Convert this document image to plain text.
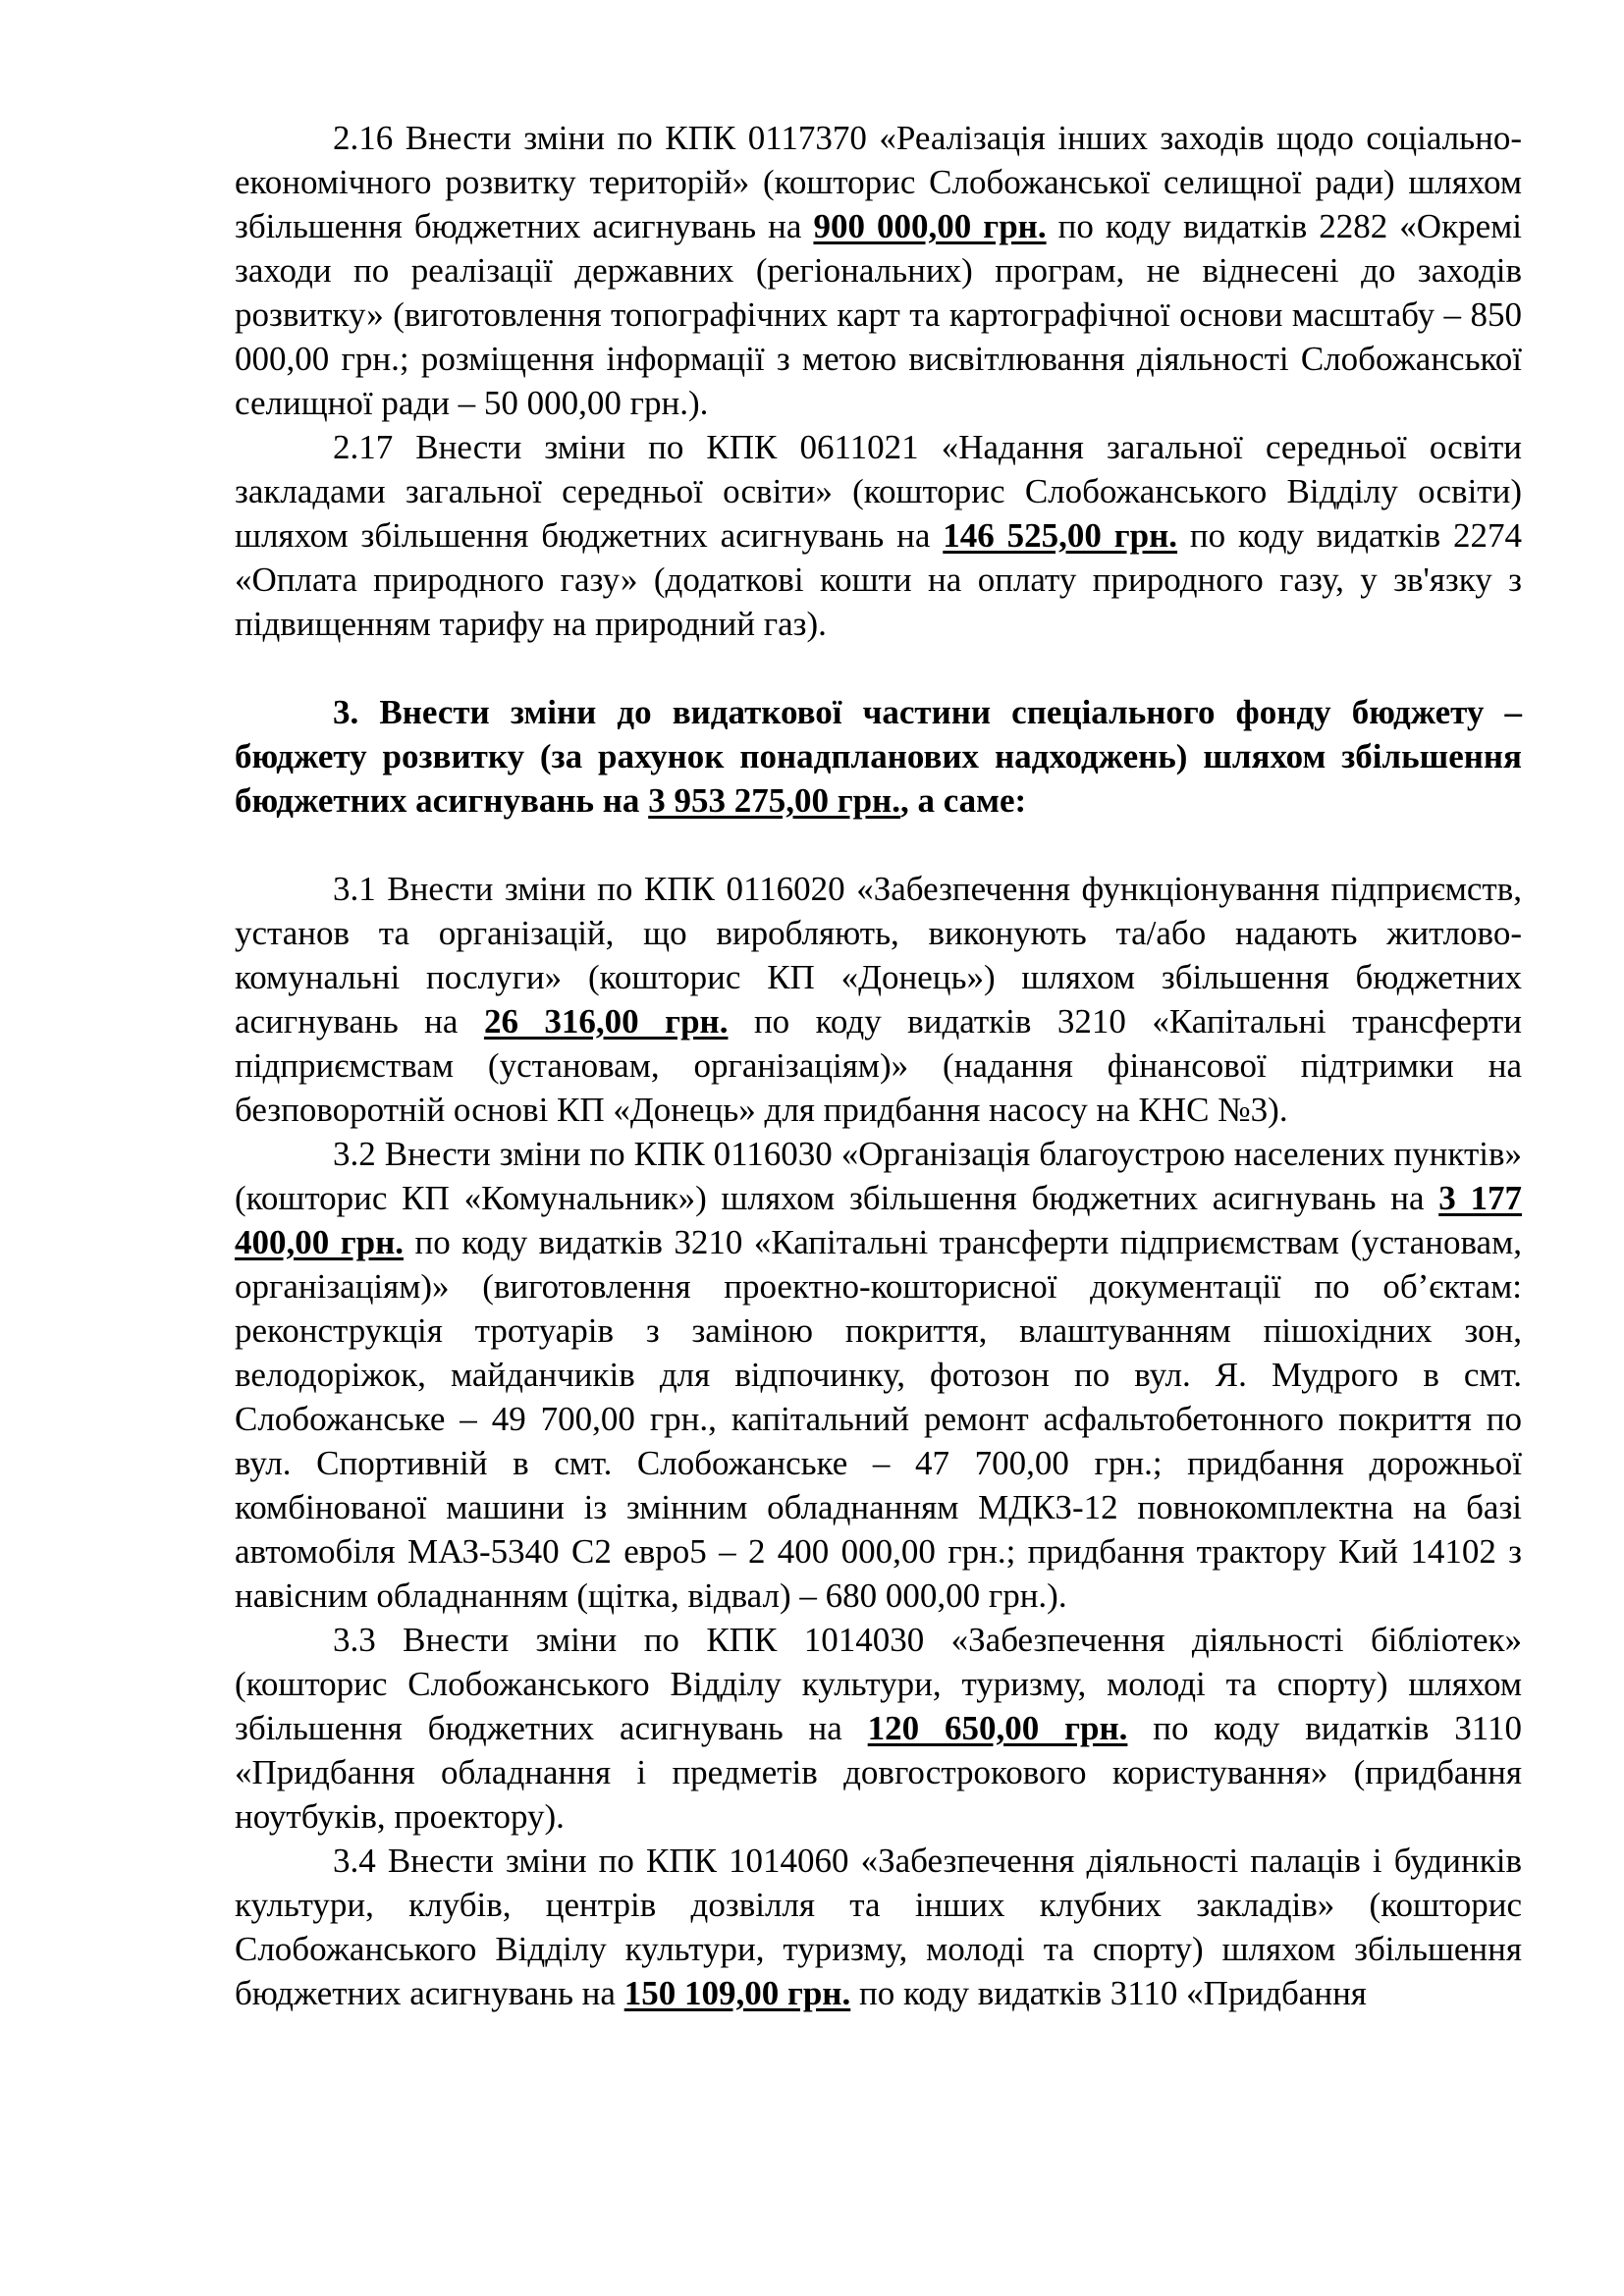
2.16 Внести зміни по КПК 0117370 «Реалізація інших заходів щодо соціально-економічного розвитку територій» (кошторис Слобожанської селищної ради) шляхом збільшення бюджетних асигнувань на 900 000,00 грн. по коду видатків 2282 «Окремі заходи по реалізації державних (регіональних) програм, не віднесені до заходів розвитку» (виготовлення топографічних карт та картографічної основи масштабу – 850 000,00 грн.; розміщення інформації з метою висвітлювання діяльності Слобожанської селищної ради – 50 000,00 грн.).

2.17 Внести зміни по КПК 0611021 «Надання загальної середньої освіти закладами загальної середньої освіти» (кошторис Слобожанського Відділу освіти) шляхом збільшення бюджетних асигнувань на 146 525,00 грн. по коду видатків 2274 «Оплата природного газу» (додаткові кошти на оплату природного газу, у зв'язку з підвищенням тарифу на природний газ).

3. Внести зміни до видаткової частини спеціального фонду бюджету – бюджету розвитку (за рахунок понадпланових надходжень) шляхом збільшення бюджетних асигнувань на 3 953 275,00 грн., а саме:

3.1 Внести зміни по КПК 0116020 «Забезпечення функціонування підприємств, установ та організацій, що виробляють, виконують та/або надають житлово-комунальні послуги» (кошторис КП «Донець») шляхом збільшення бюджетних асигнувань на 26 316,00 грн. по коду видатків 3210 «Капітальні трансферти підприємствам (установам, організаціям)» (надання фінансової підтримки на безповоротній основі КП «Донець» для придбання насосу на КНС №3).

3.2 Внести зміни по КПК 0116030 «Організація благоустрою населених пунктів» (кошторис КП «Комунальник») шляхом збільшення бюджетних асигнувань на 3 177 400,00 грн. по коду видатків 3210 «Капітальні трансферти підприємствам (установам, організаціям)» (виготовлення проектно-кошторисної документації по об’єктам: реконструкція тротуарів з заміною покриття, влаштуванням пішохідних зон, велодоріжок, майданчиків для відпочинку, фотозон по вул. Я. Мудрого в смт. Слобожанське – 49 700,00 грн., капітальний ремонт асфальтобетонного покриття по вул. Спортивній в смт. Слобожанське – 47 700,00 грн.; придбання дорожньої комбінованої машини із змінним обладнанням МДКЗ-12 повнокомплектна на базі автомобіля МАЗ-5340 С2 евро5 – 2 400 000,00 грн.; придбання трактору Кий 14102 з навісним обладнанням (щітка, відвал) – 680 000,00 грн.).

3.3 Внести зміни по КПК 1014030 «Забезпечення діяльності бібліотек» (кошторис Слобожанського Відділу культури, туризму, молоді та спорту) шляхом збільшення бюджетних асигнувань на 120 650,00 грн. по коду видатків 3110 «Придбання обладнання і предметів довгострокового користування» (придбання ноутбуків, проектору).

3.4 Внести зміни по КПК 1014060 «Забезпечення діяльності палаців і будинків культури, клубів, центрів дозвілля та інших клубних закладів» (кошторис Слобожанського Відділу культури, туризму, молоді та спорту) шляхом збільшення бюджетних асигнувань на 150 109,00 грн. по коду видатків 3110 «Придбання
